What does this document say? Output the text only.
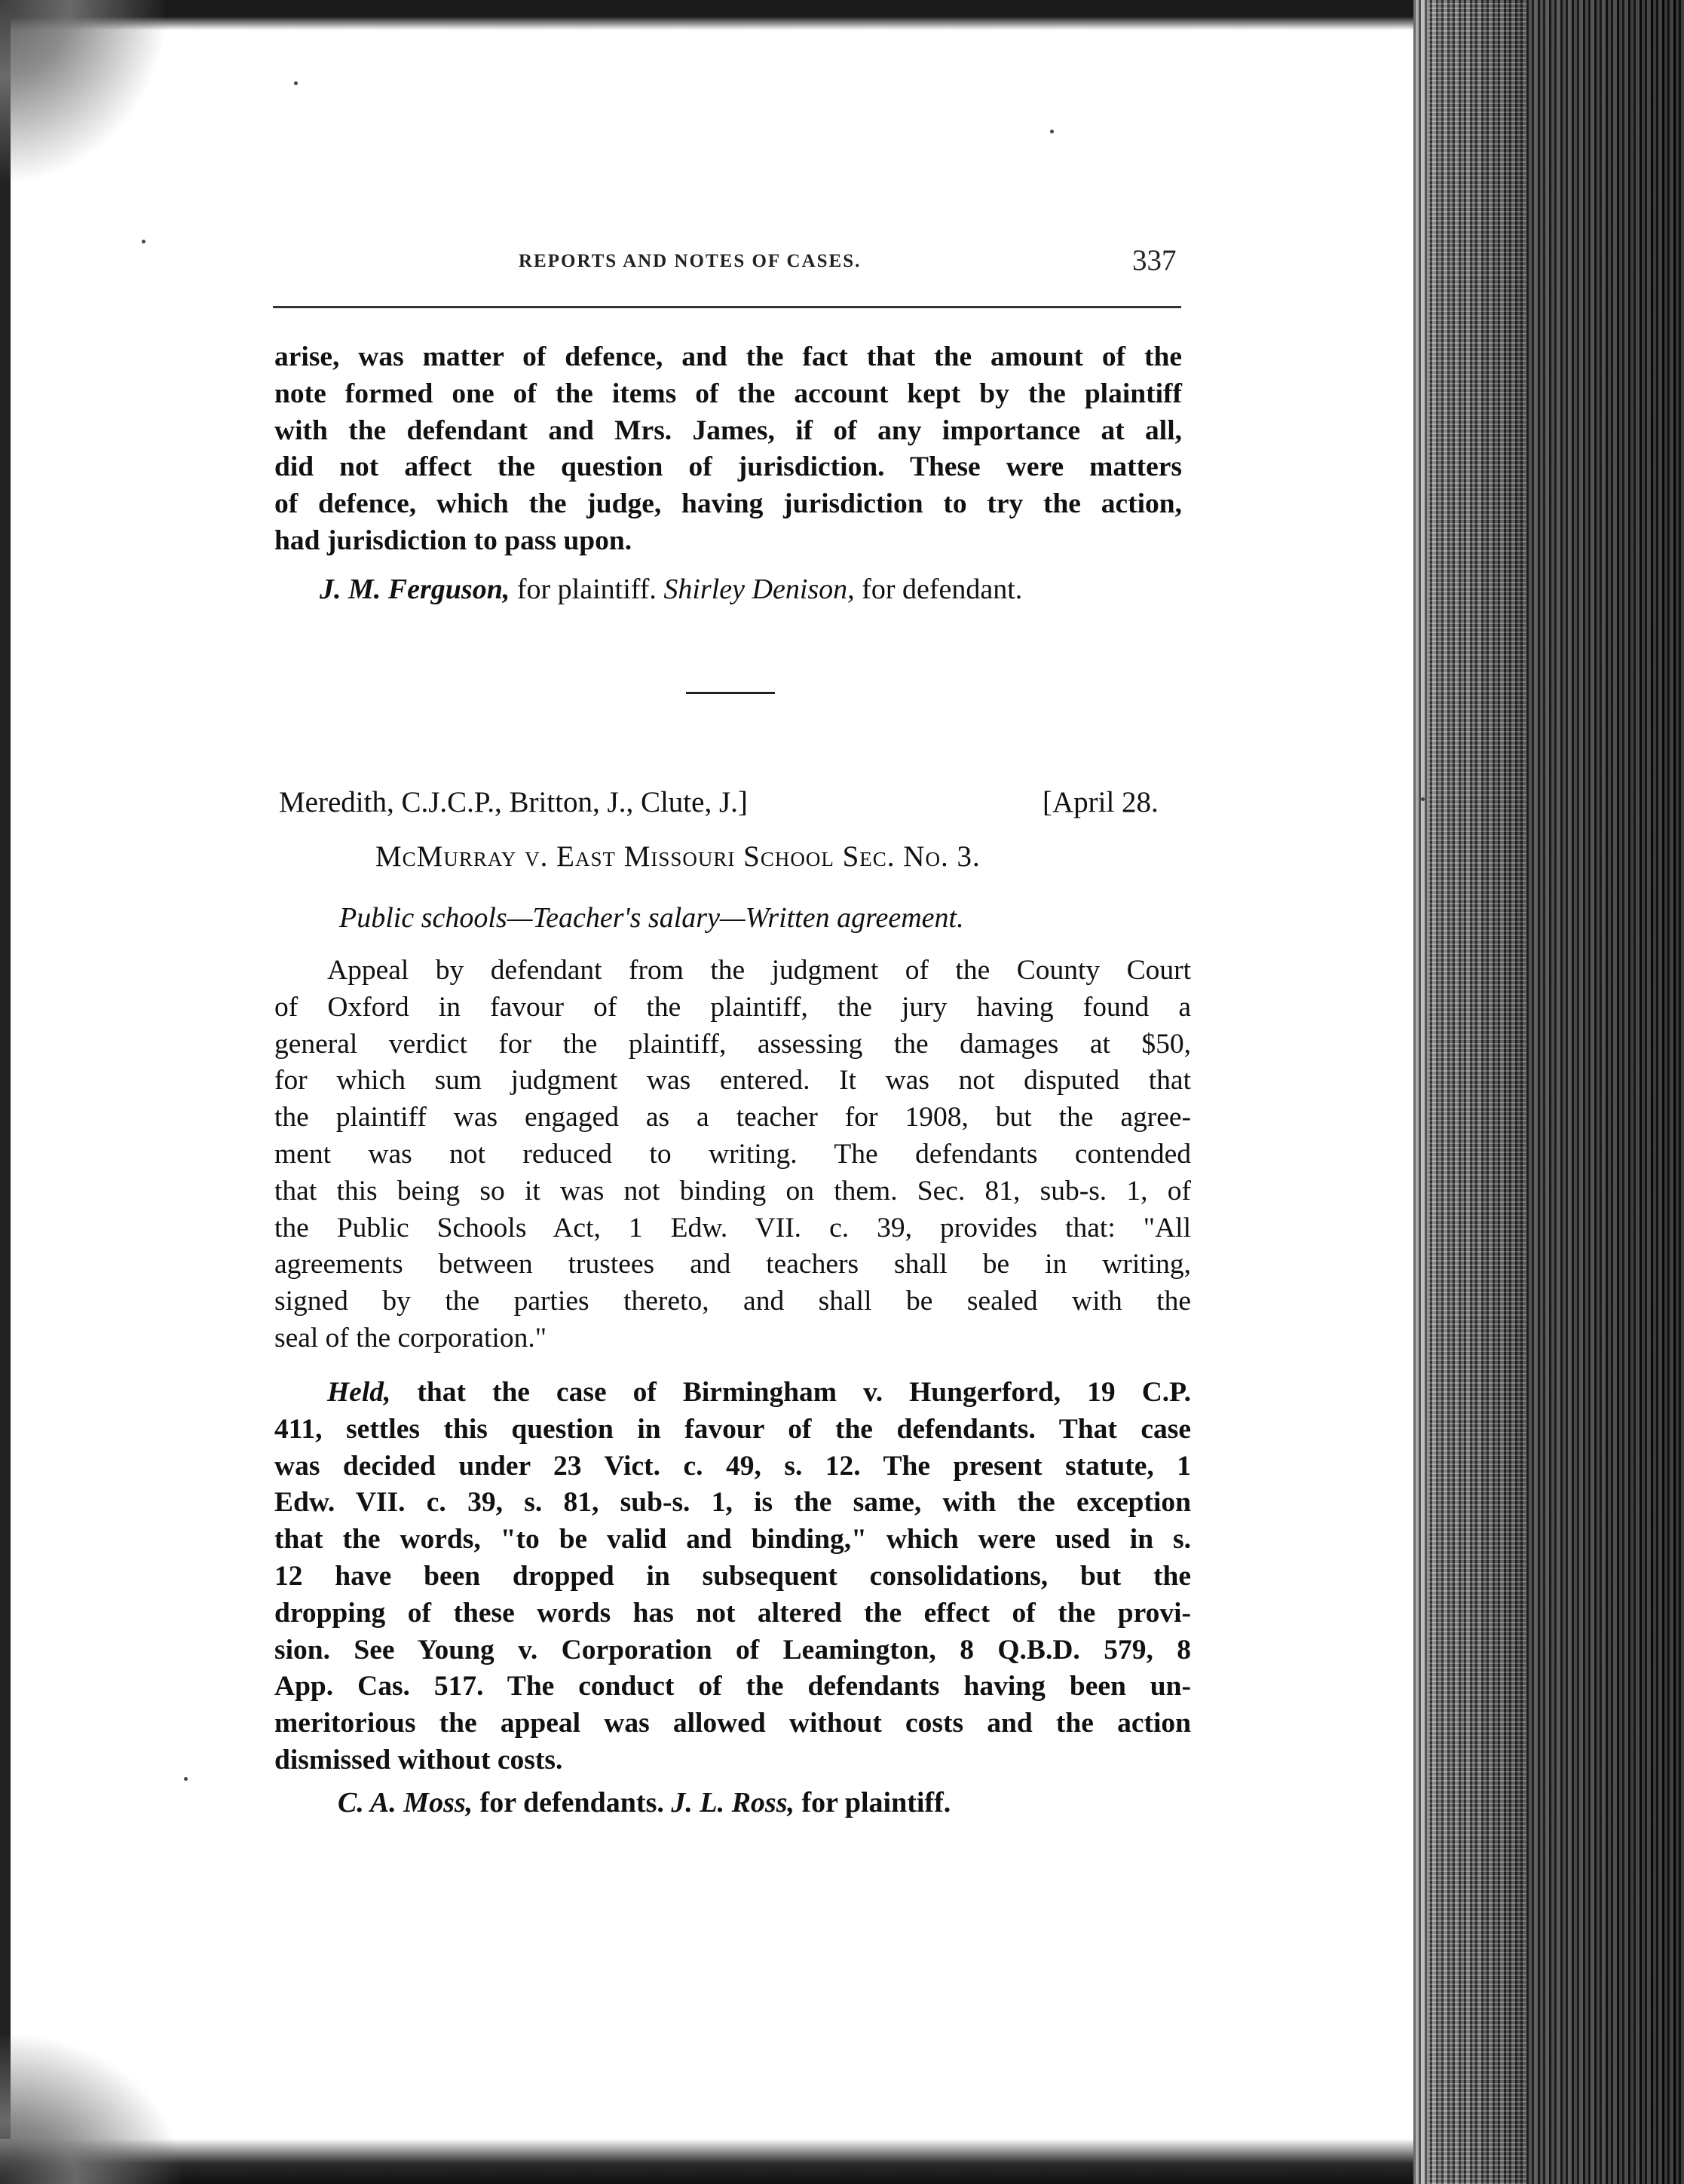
REPORTS AND NOTES OF CASES.	337

arise, was matter of defence, and the fact that the amount of the
note formed one of the items of the account kept by the plaintiff
with the defendant and Mrs. James, if of any importance at all,
did not affect the question of jurisdiction. These were matters
of defence, which the judge, having jurisdiction to try the action,
had jurisdiction to pass upon.

J. M. Ferguson, for plaintiff. Shirley Denison, for defendant.
Meredith, C.J.C.P., Britton, J., Clute, J.]	[April 28.
McMurray v. East Missouri School Sec. No. 3.
Public schools—Teacher's salary—Written agreement.

Appeal by defendant from the judgment of the County Court
of Oxford in favour of the plaintiff, the jury having found a
general verdict for the plaintiff, assessing the damages at $50,
for which sum judgment was entered. It was not disputed that
the plaintiff was engaged as a teacher for 1908, but the agree-
ment was not reduced to writing. The defendants contended
that this being so it was not binding on them. Sec. 81, sub-s. 1, of
the Public Schools Act, 1 Edw. VII. c. 39, provides that: "All
agreements between trustees and teachers shall be in writing,
signed by the parties thereto, and shall be sealed with the
seal of the corporation."

Held, that the case of Birmingham v. Hungerford, 19 C.P.
411, settles this question in favour of the defendants. That case
was decided under 23 Vict. c. 49, s. 12. The present statute, 1
Edw. VII. c. 39, s. 81, sub-s. 1, is the same, with the exception
that the words, "to be valid and binding," which were used in s.
12 have been dropped in subsequent consolidations, but the
dropping of these words has not altered the effect of the provi-
sion. See Young v. Corporation of Leamington, 8 Q.B.D. 579, 8
App. Cas. 517. The conduct of the defendants having been un-
meritorious the appeal was allowed without costs and the action
dismissed without costs.

C. A. Moss, for defendants. J. L. Ross, for plaintiff.
